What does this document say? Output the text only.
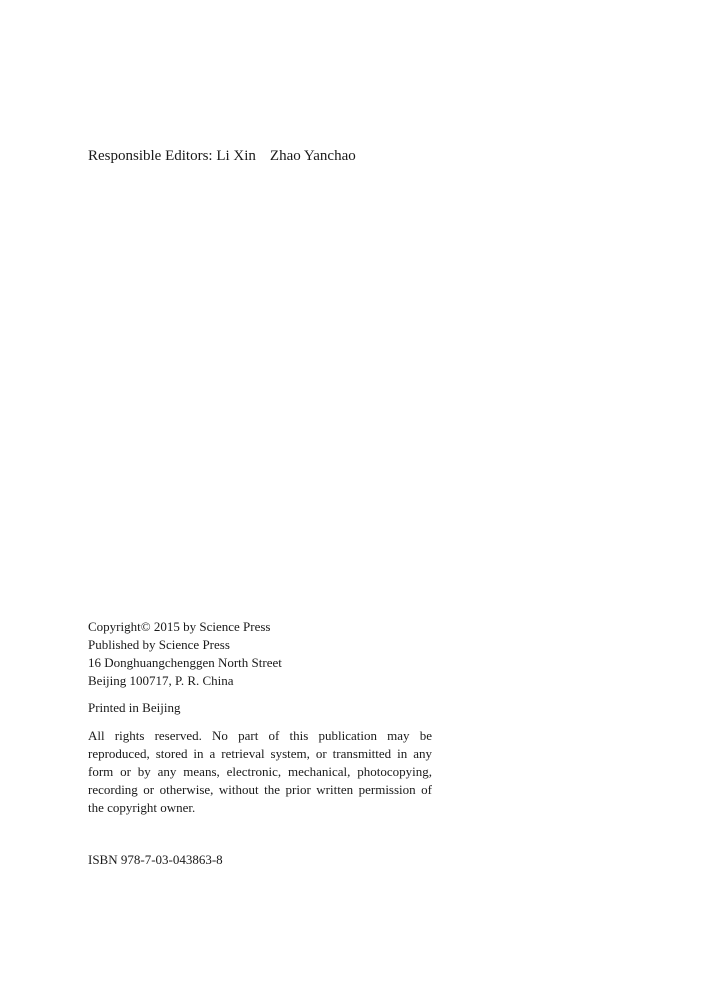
Responsible Editors: Li Xin Zhao Yanchao
Copyright© 2015 by Science Press
Published by Science Press
16 Donghuangchenggen North Street
Beijing 100717, P. R. China
Printed in Beijing
All rights reserved. No part of this publication may be reproduced, stored in a retrieval system, or transmitted in any form or by any means, electronic, mechanical, photocopying, recording or otherwise, without the prior written permission of the copyright owner.
ISBN 978-7-03-043863-8
